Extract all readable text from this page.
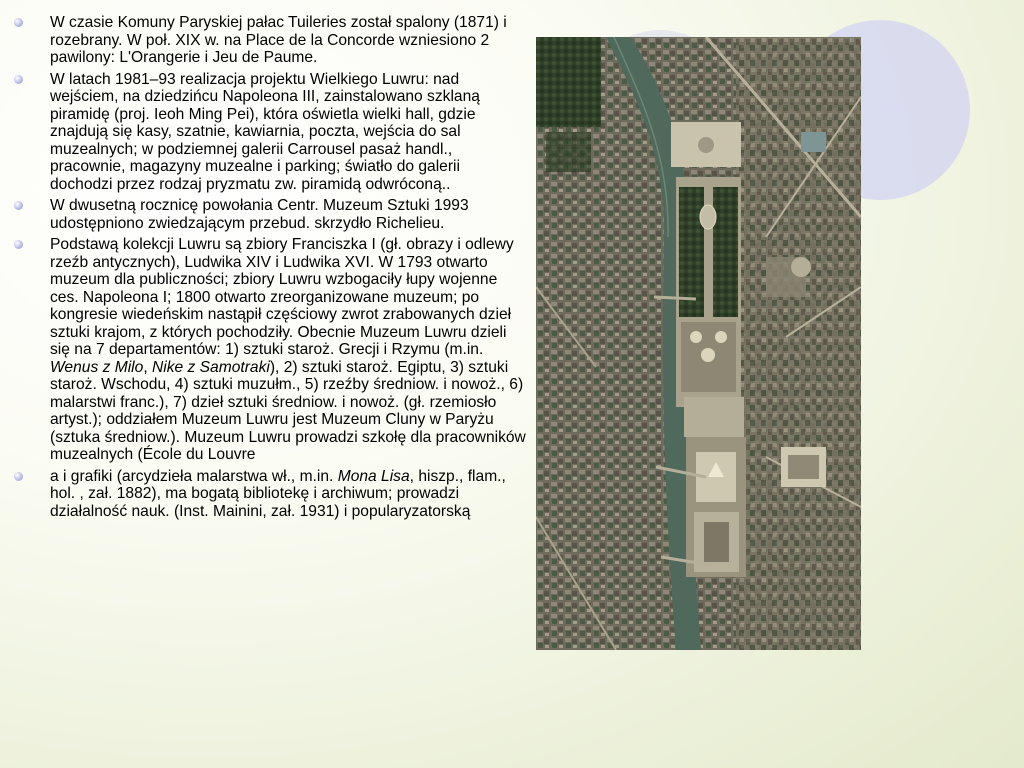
W czasie Komuny Paryskiej pałac Tuileries został spalony (1871) i rozebrany. W poł. XIX w. na Place de la Concorde wzniesiono 2 pawilony: L'Orangerie i Jeu de Paume.
W latach 1981–93 realizacja projektu Wielkiego Luwru: nad wejściem, na dziedzińcu Napoleona III, zainstalowano szklaną piramidę (proj. Ieoh Ming Pei), która oświetla wielki hall, gdzie znajdują się kasy, szatnie, kawiarnia, poczta, wejścia do sal muzealnych; w podziemnej galerii Carrousel pasaż handl., pracownie, magazyny muzealne i parking; światło do galerii dochodzi przez rodzaj pryzmatu zw. piramidą odwróconą..
W dwusetną rocznicę powołania Centr. Muzeum Sztuki 1993 udostępniono zwiedzającym przebud. skrzydło Richelieu.
Podstawą kolekcji Luwru są zbiory Franciszka I (gł. obrazy i odlewy rzeźb antycznych), Ludwika XIV i Ludwika XVI. W 1793 otwarto muzeum dla publiczności; zbiory Luwru wzbogaciły łupy wojenne ces. Napoleona I; 1800 otwarto zreorganizowane muzeum; po kongresie wiedeńskim nastąpił częściowy zwrot zrabowanych dzieł sztuki krajom, z których pochodziły. Obecnie Muzeum Luwru dzieli się na 7 departamentów: 1) sztuki staroż. Grecji i Rzymu (m.in. Wenus z Milo, Nike z Samotraki), 2) sztuki staroż. Egiptu, 3) sztuki staroż. Wschodu, 4) sztuki muzułm., 5) rzeźby średniow. i nowoż., 6) malarstwi franc.), 7) dzieł sztuki średniow. i nowoż. (gł. rzemiosło artyst.); oddziałem Muzeum Luwru jest Muzeum Cluny w Paryżu (sztuka średniow.). Muzeum Luwru prowadzi szkołę dla pracowników muzealnych (École du Louvre
a i grafiki (arcydzieła malarstwa wł., m.in. Mona Lisa, hiszp., flam., hol. , zał. 1882), ma bogatą bibliotekę i archiwum; prowadzi działalność nauk. (Inst. Mainini, zał. 1931) i popularyzatorską
